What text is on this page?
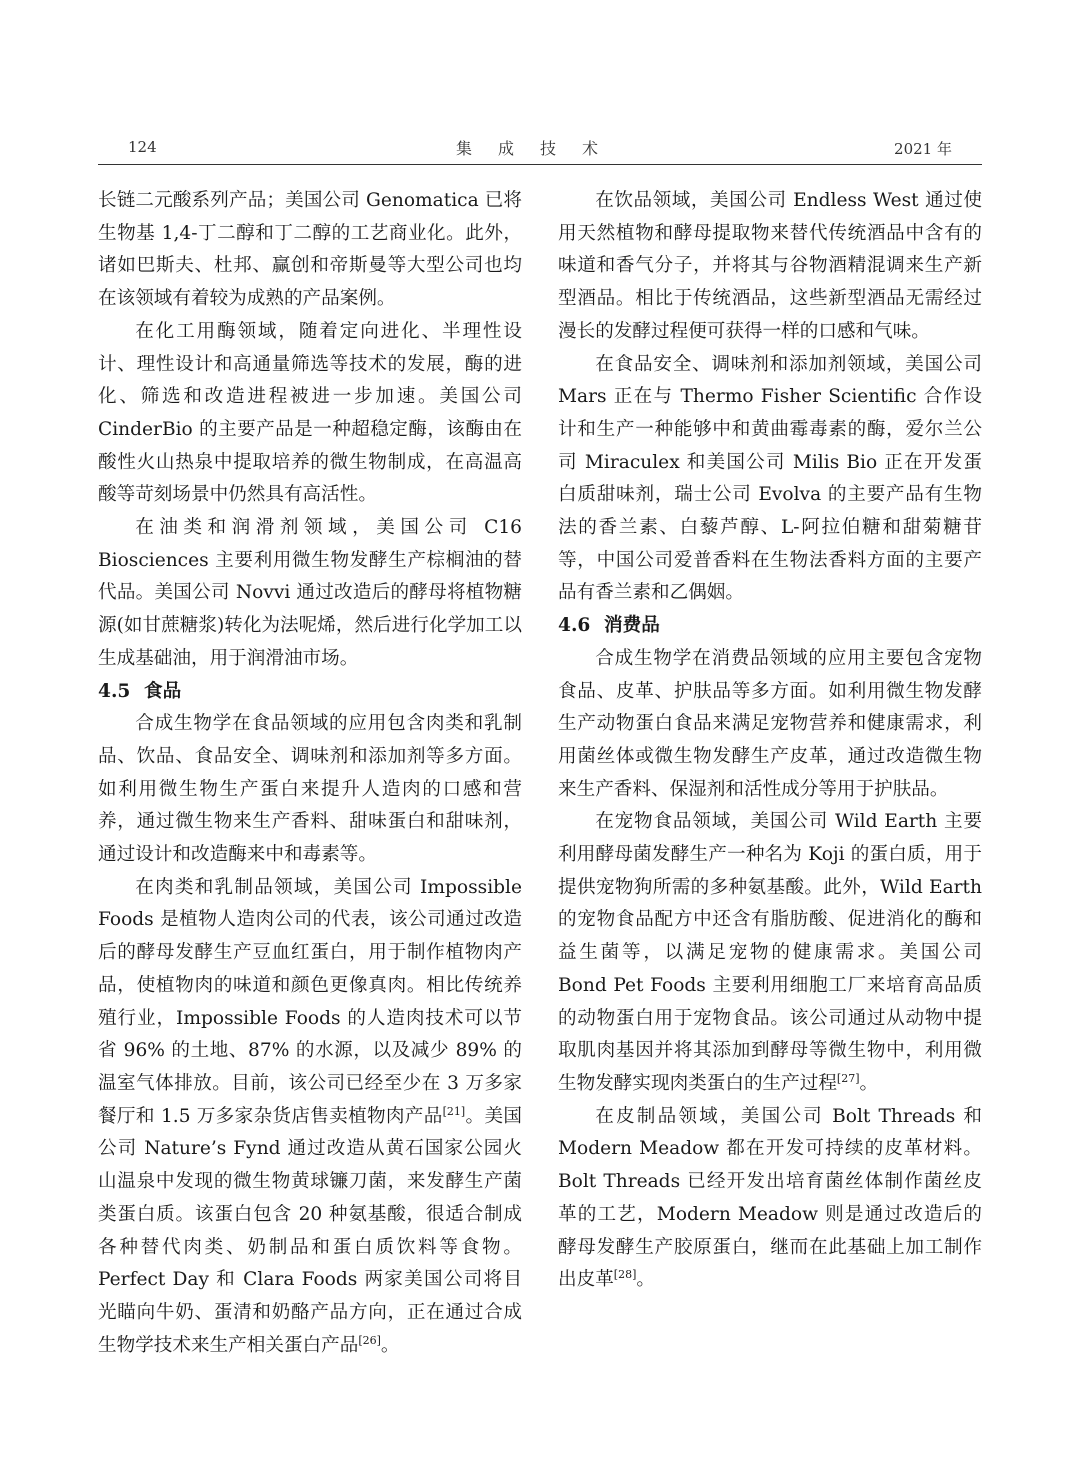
124	集成技术	2021 年

长链二元酸系列产品；美国公司 Genomatica 已将生物基 1,4-丁二醇和丁二醇的工艺商业化。此外，诸如巴斯夫、杜邦、赢创和帝斯曼等大型公司也均在该领域有着较为成熟的产品案例。

在化工用酶领域，随着定向进化、半理性设计、理性设计和高通量筛选等技术的发展，酶的进化、筛选和改造进程被进一步加速。美国公司 CinderBio 的主要产品是一种超稳定酶，该酶由在酸性火山热泉中提取培养的微生物制成，在高温高酸等苛刻场景中仍然具有高活性。

在油类和润滑剂领域，美国公司 C16 Biosciences 主要利用微生物发酵生产棕榈油的替代品。美国公司 Novvi 通过改造后的酵母将植物糖源(如甘蔗糖浆)转化为法呢烯，然后进行化学加工以生成基础油，用于润滑油市场。

4.5 食品

合成生物学在食品领域的应用包含肉类和乳制品、饮品、食品安全、调味剂和添加剂等多方面。如利用微生物生产蛋白来提升人造肉的口感和营养，通过微生物来生产香料、甜味蛋白和甜味剂，通过设计和改造酶来中和毒素等。

在肉类和乳制品领域，美国公司 Impossible Foods 是植物人造肉公司的代表，该公司通过改造后的酵母发酵生产豆血红蛋白，用于制作植物肉产品，使植物肉的味道和颜色更像真肉。相比传统养殖行业，Impossible Foods 的人造肉技术可以节省 96% 的土地、87% 的水源，以及减少 89% 的温室气体排放。目前，该公司已经至少在 3 万多家餐厅和 1.5 万多家杂货店售卖植物肉产品[21]。美国公司 Nature’s Fynd 通过改造从黄石国家公园火山温泉中发现的微生物黄球镰刀菌，来发酵生产菌类蛋白质。该蛋白包含 20 种氨基酸，很适合制成各种替代肉类、奶制品和蛋白质饮料等食物。Perfect Day 和 Clara Foods 两家美国公司将目光瞄向牛奶、蛋清和奶酪产品方向，正在通过合成生物学技术来生产相关蛋白产品[26]。

在饮品领域，美国公司 Endless West 通过使用天然植物和酵母提取物来替代传统酒品中含有的味道和香气分子，并将其与谷物酒精混调来生产新型酒品。相比于传统酒品，这些新型酒品无需经过漫长的发酵过程便可获得一样的口感和气味。

在食品安全、调味剂和添加剂领域，美国公司 Mars 正在与 Thermo Fisher Scientific 合作设计和生产一种能够中和黄曲霉毒素的酶，爱尔兰公司 Miraculex 和美国公司 Milis Bio 正在开发蛋白质甜味剂，瑞士公司 Evolva 的主要产品有生物法的香兰素、白藜芦醇、L-阿拉伯糖和甜菊糖苷等，中国公司爱普香料在生物法香料方面的主要产品有香兰素和乙偶姻。

4.6 消费品

合成生物学在消费品领域的应用主要包含宠物食品、皮革、护肤品等多方面。如利用微生物发酵生产动物蛋白食品来满足宠物营养和健康需求，利用菌丝体或微生物发酵生产皮革，通过改造微生物来生产香料、保湿剂和活性成分等用于护肤品。

在宠物食品领域，美国公司 Wild Earth 主要利用酵母菌发酵生产一种名为 Koji 的蛋白质，用于提供宠物狗所需的多种氨基酸。此外，Wild Earth 的宠物食品配方中还含有脂肪酸、促进消化的酶和益生菌等，以满足宠物的健康需求。美国公司 Bond Pet Foods 主要利用细胞工厂来培育高品质的动物蛋白用于宠物食品。该公司通过从动物中提取肌肉基因并将其添加到酵母等微生物中，利用微生物发酵实现肉类蛋白的生产过程[27]。

在皮制品领域，美国公司 Bolt Threads 和 Modern Meadow 都在开发可持续的皮革材料。Bolt Threads 已经开发出培育菌丝体制作菌丝皮革的工艺，Modern Meadow 则是通过改造后的酵母发酵生产胶原蛋白，继而在此基础上加工制作出皮革[28]。
